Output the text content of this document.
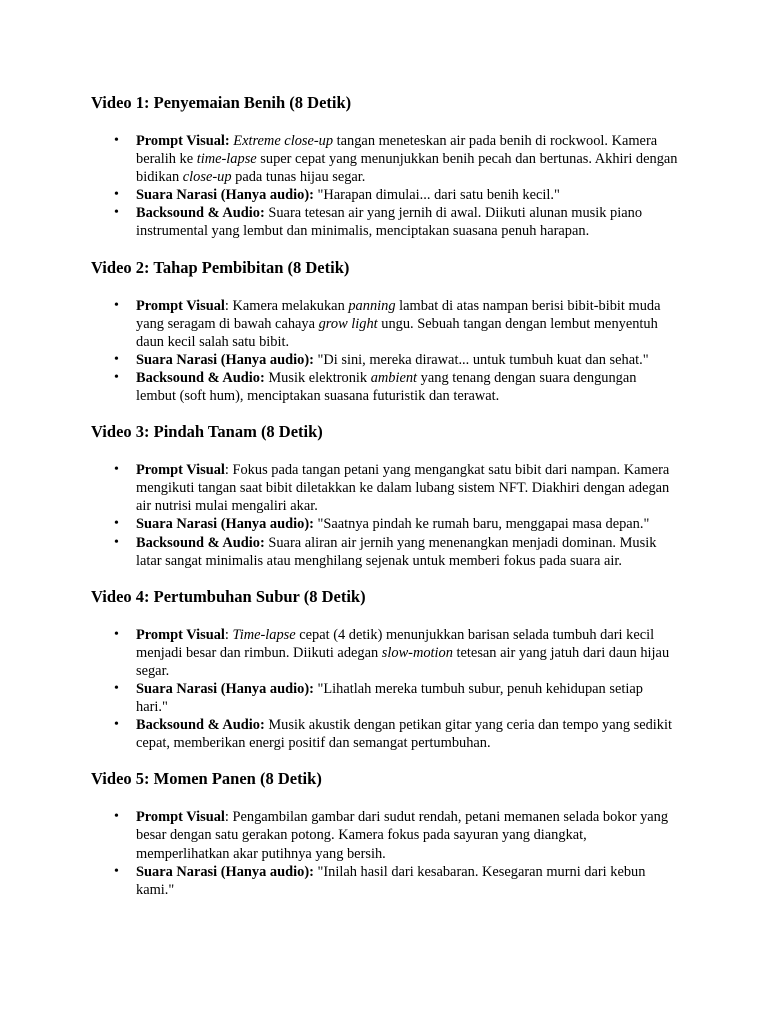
Video 1: Penyemaian Benih (8 Detik)
• Prompt Visual: Extreme close-up tangan meneteskan air pada benih di rockwool. Kamera beralih ke time-lapse super cepat yang menunjukkan benih pecah dan bertunas. Akhiri dengan bidikan close-up pada tunas hijau segar.
• Suara Narasi (Hanya audio): "Harapan dimulai... dari satu benih kecil."
• Backsound & Audio: Suara tetesan air yang jernih di awal. Diikuti alunan musik piano instrumental yang lembut dan minimalis, menciptakan suasana penuh harapan.
Video 2: Tahap Pembibitan (8 Detik)
• Prompt Visual: Kamera melakukan panning lambat di atas nampan berisi bibit-bibit muda yang seragam di bawah cahaya grow light ungu. Sebuah tangan dengan lembut menyentuh daun kecil salah satu bibit.
• Suara Narasi (Hanya audio): "Di sini, mereka dirawat... untuk tumbuh kuat dan sehat."
• Backsound & Audio: Musik elektronik ambient yang tenang dengan suara dengungan lembut (soft hum), menciptakan suasana futuristik dan terawat.
Video 3: Pindah Tanam (8 Detik)
• Prompt Visual: Fokus pada tangan petani yang mengangkat satu bibit dari nampan. Kamera mengikuti tangan saat bibit diletakkan ke dalam lubang sistem NFT. Diakhiri dengan adegan air nutrisi mulai mengaliri akar.
• Suara Narasi (Hanya audio): "Saatnya pindah ke rumah baru, menggapai masa depan."
• Backsound & Audio: Suara aliran air jernih yang menenangkan menjadi dominan. Musik latar sangat minimalis atau menghilang sejenak untuk memberi fokus pada suara air.
Video 4: Pertumbuhan Subur (8 Detik)
• Prompt Visual: Time-lapse cepat (4 detik) menunjukkan barisan selada tumbuh dari kecil menjadi besar dan rimbun. Diikuti adegan slow-motion tetesan air yang jatuh dari daun hijau segar.
• Suara Narasi (Hanya audio): "Lihatlah mereka tumbuh subur, penuh kehidupan setiap hari."
• Backsound & Audio: Musik akustik dengan petikan gitar yang ceria dan tempo yang sedikit cepat, memberikan energi positif dan semangat pertumbuhan.
Video 5: Momen Panen (8 Detik)
• Prompt Visual: Pengambilan gambar dari sudut rendah, petani memanen selada bokor yang besar dengan satu gerakan potong. Kamera fokus pada sayuran yang diangkat, memperlihatkan akar putihnya yang bersih.
• Suara Narasi (Hanya audio): "Inilah hasil dari kesabaran. Kesegaran murni dari kebun kami."
